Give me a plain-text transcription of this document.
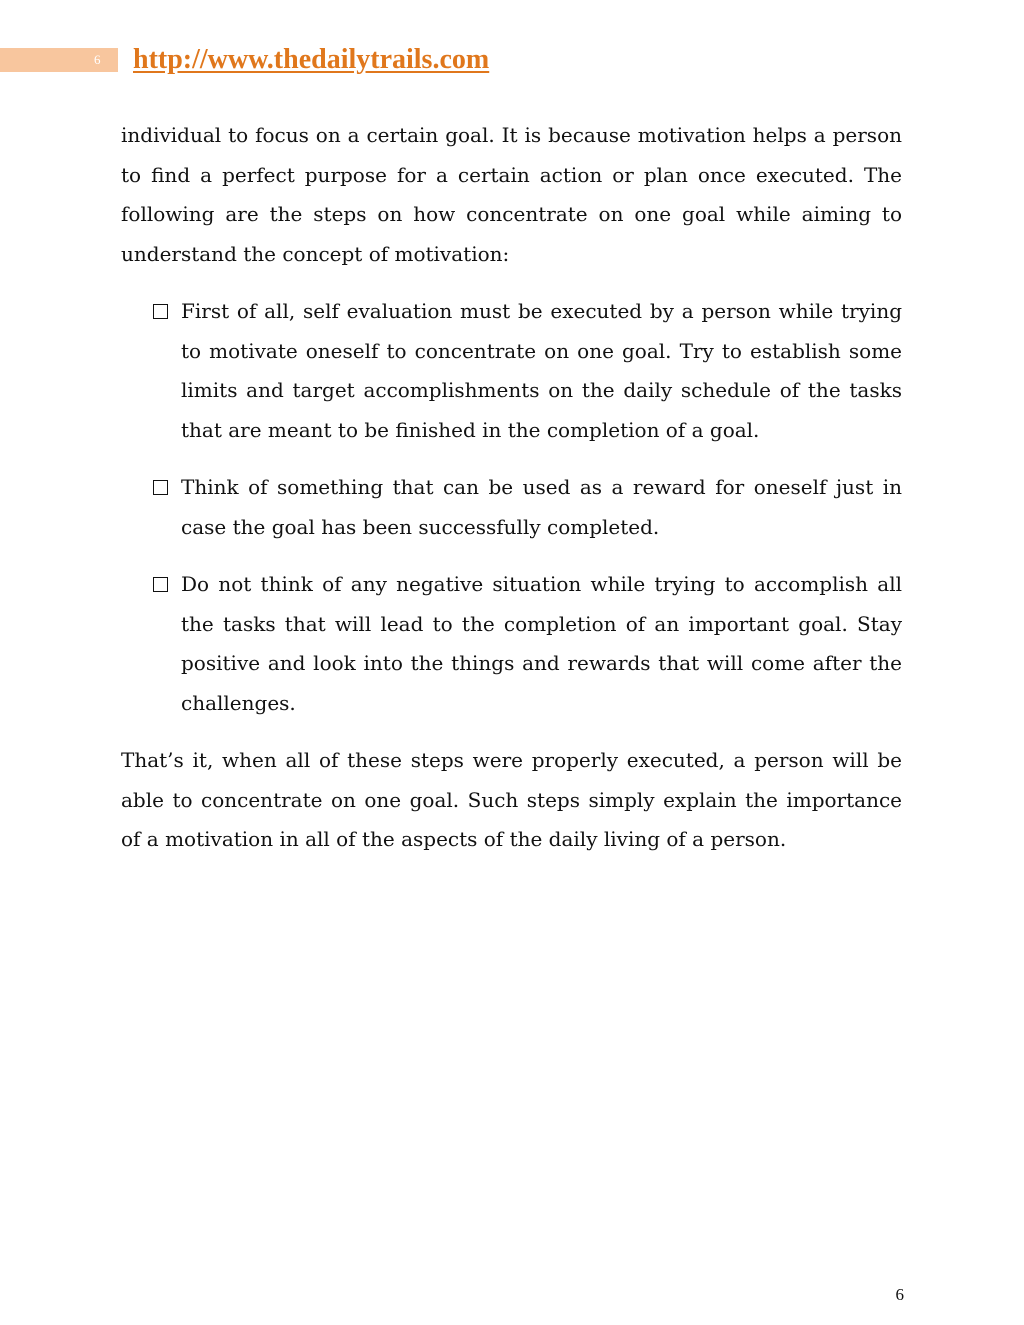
6 http://www.thedailytrails.com

individual to focus on a certain goal. It is because motivation helps a person to find a perfect purpose for a certain action or plan once executed. The following are the steps on how concentrate on one goal while aiming to understand the concept of motivation:

First of all, self evaluation must be executed by a person while trying to motivate oneself to concentrate on one goal. Try to establish some limits and target accomplishments on the daily schedule of the tasks that are meant to be finished in the completion of a goal.
Think of something that can be used as a reward for oneself just in case the goal has been successfully completed.
Do not think of any negative situation while trying to accomplish all the tasks that will lead to the completion of an important goal. Stay positive and look into the things and rewards that will come after the challenges.

That’s it, when all of these steps were properly executed, a person will be able to concentrate on one goal. Such steps simply explain the importance of a motivation in all of the aspects of the daily living of a person.

6
